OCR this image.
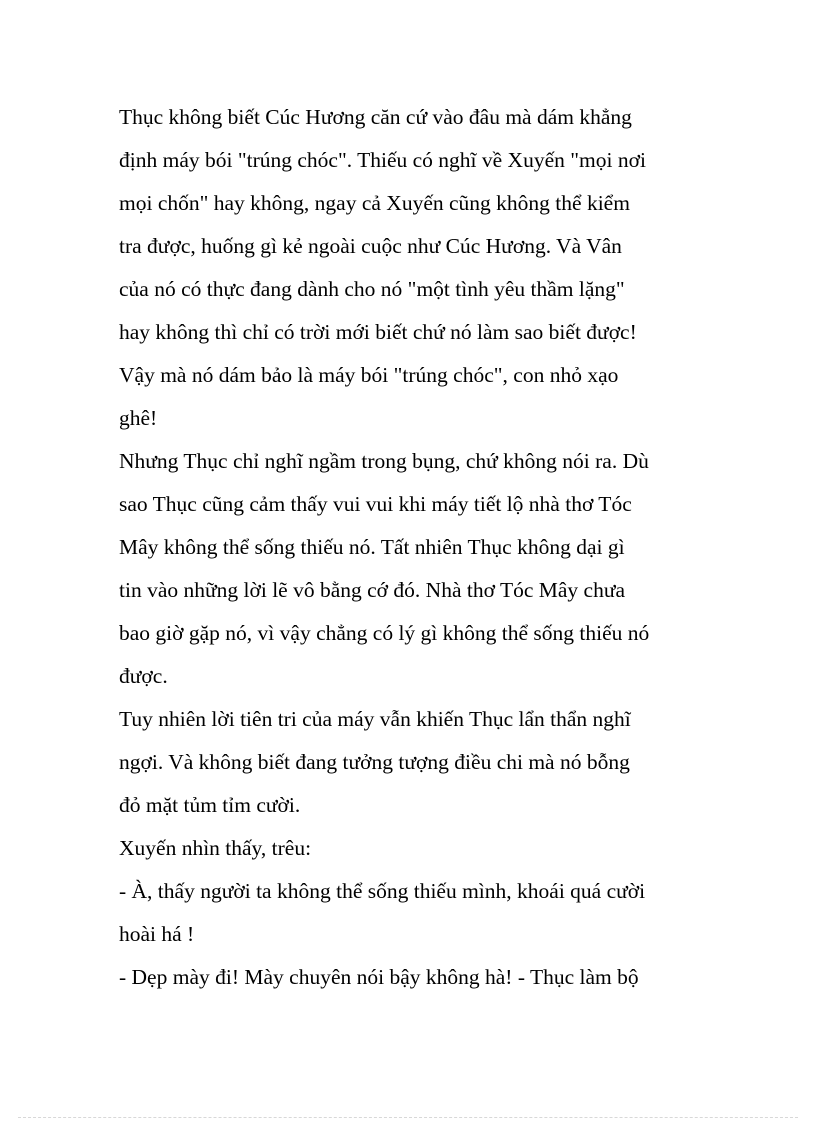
Thục không biết Cúc Hương căn cứ vào đâu mà dám khẳng
định máy bói "trúng chóc". Thiếu có nghĩ về Xuyến "mọi nơi
mọi chốn" hay không, ngay cả Xuyến cũng không thể kiểm
tra được, huống gì kẻ ngoài cuộc như Cúc Hương. Và Vân
của nó có thực đang dành cho nó "một tình yêu thầm lặng"
hay không thì chỉ có trời mới biết chứ nó làm sao biết được!
Vậy mà nó dám bảo là máy bói "trúng chóc", con nhỏ xạo
ghê!
Nhưng Thục chỉ nghĩ ngầm trong bụng, chứ không nói ra. Dù
sao Thục cũng cảm thấy vui vui khi máy tiết lộ nhà thơ Tóc
Mây không thể sống thiếu nó. Tất nhiên Thục không dại gì
tin vào những lời lẽ vô bằng cớ đó. Nhà thơ Tóc Mây chưa
bao giờ gặp nó, vì vậy chẳng có lý gì không thể sống thiếu nó
được.
Tuy nhiên lời tiên tri của máy vẫn khiến Thục lẩn thẩn nghĩ
ngợi. Và không biết đang tưởng tượng điều chi mà nó bỗng
đỏ mặt tủm tỉm cười.
Xuyến nhìn thấy, trêu:
- À, thấy người ta không thể sống thiếu mình, khoái quá cười
hoài há !
- Dẹp mày đi! Mày chuyên nói bậy không hà! - Thục làm bộ
